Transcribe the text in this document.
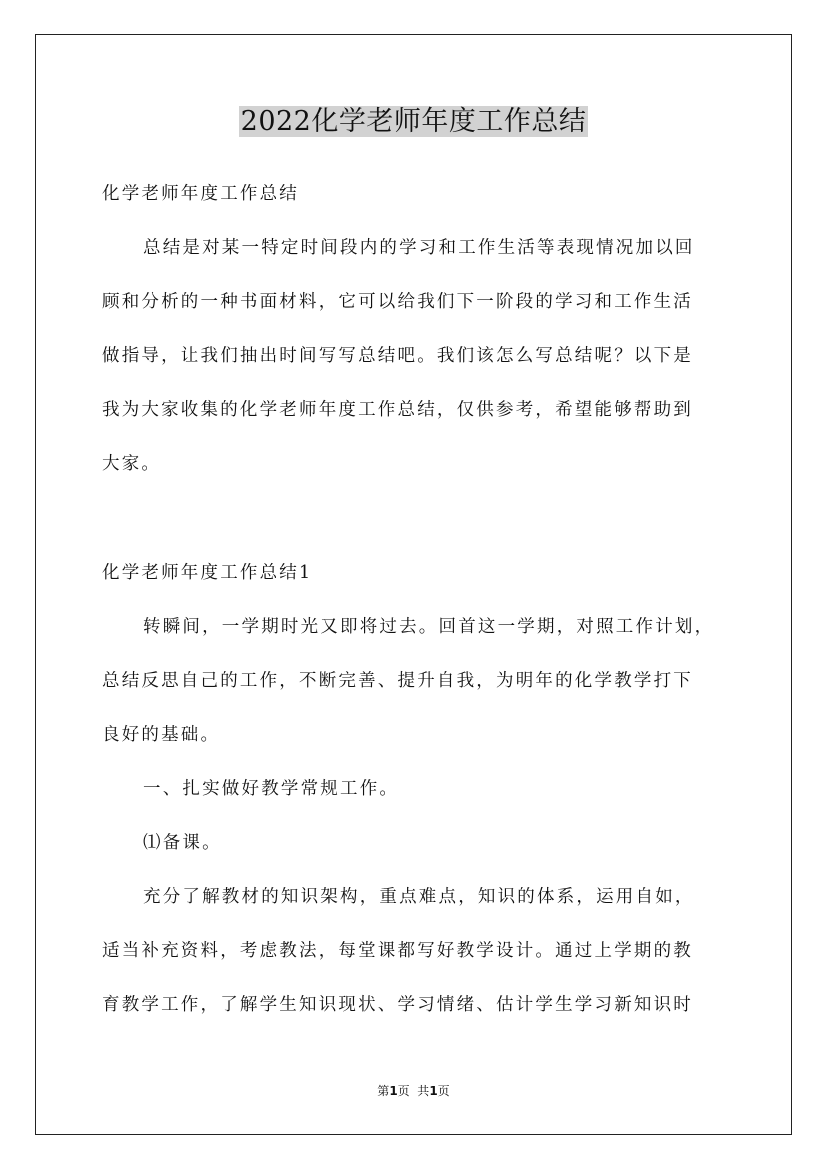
2022化学老师年度工作总结
化学老师年度工作总结
总结是对某一特定时间段内的学习和工作生活等表现情况加以回
顾和分析的一种书面材料，它可以给我们下一阶段的学习和工作生活
做指导，让我们抽出时间写写总结吧。我们该怎么写总结呢？以下是
我为大家收集的化学老师年度工作总结，仅供参考，希望能够帮助到
大家。
化学老师年度工作总结1
转瞬间，一学期时光又即将过去。回首这一学期，对照工作计划，
总结反思自己的工作，不断完善、提升自我，为明年的化学教学打下
良好的基础。
一、扎实做好教学常规工作。
⑴备课。
充分了解教材的知识架构，重点难点，知识的体系，运用自如，
适当补充资料，考虑教法，每堂课都写好教学设计。通过上学期的教
育教学工作，了解学生知识现状、学习情绪、估计学生学习新知识时
第1页  共1页
